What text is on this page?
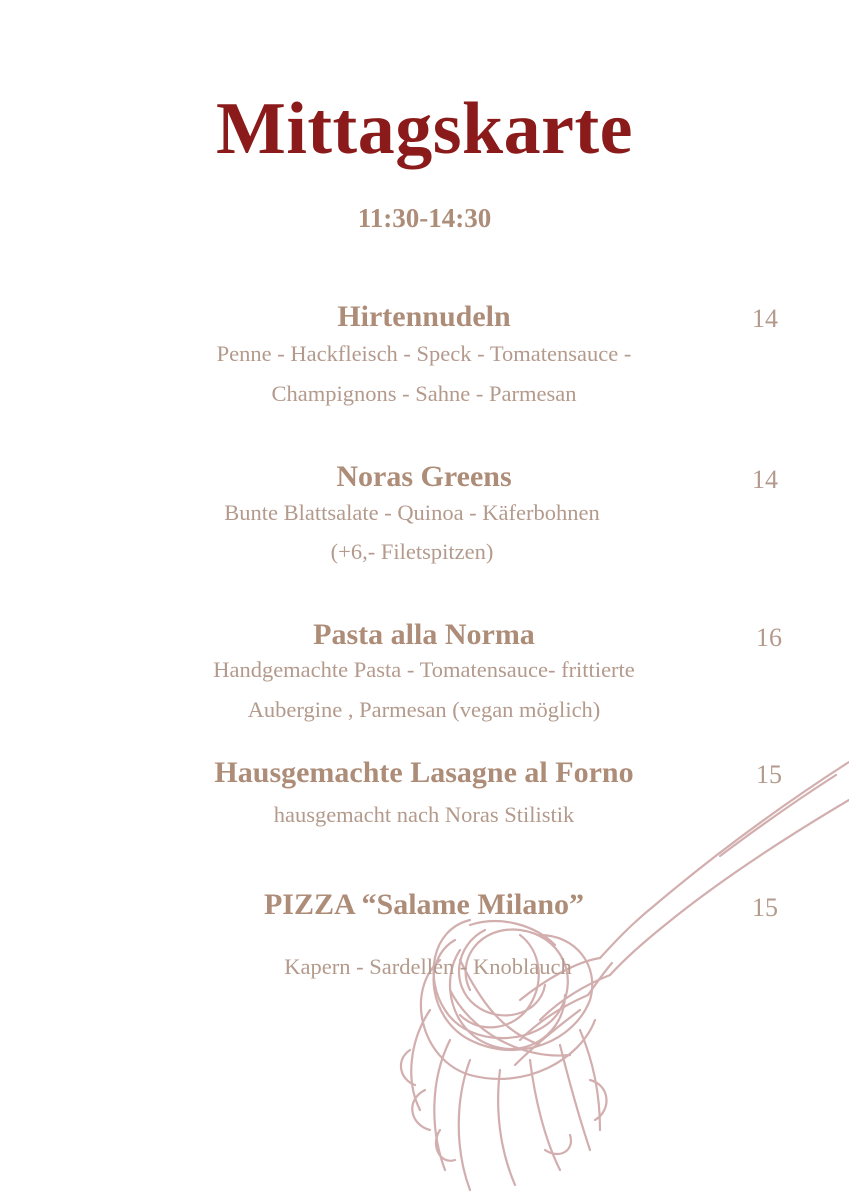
Mittagskarte
11:30-14:30
Hirtennudeln	14
Penne - Hackfleisch - Speck - Tomatensauce -
Champignons - Sahne - Parmesan
Noras Greens	14
Bunte Blattsalate - Quinoa - Käferbohnen
(+6,- Filetspitzen)
Pasta alla Norma	16
Handgemachte Pasta - Tomatensauce- frittierte
Aubergine , Parmesan (vegan möglich)
Hausgemachte Lasagne al Forno	15
hausgemacht nach Noras Stilistik
PIZZA “Salame Milano”	15
Kapern - Sardellen - Knoblauch
